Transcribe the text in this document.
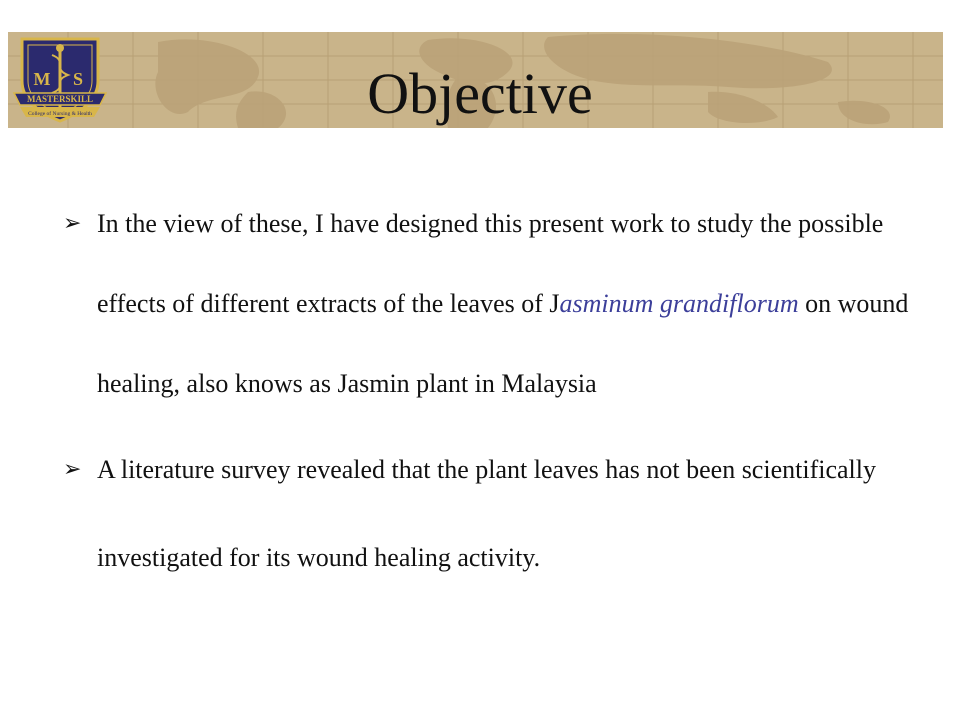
M S
MASTERSKILL
College of Nursing & Health	Objective
➢ In the view of these, I have designed this present work to study the possible effects of different extracts of the leaves of Jasminum grandiflorum on wound healing, also knows as Jasmin plant in Malaysia
➢ A literature survey revealed that the plant leaves has not been scientifically investigated for its wound healing activity.
